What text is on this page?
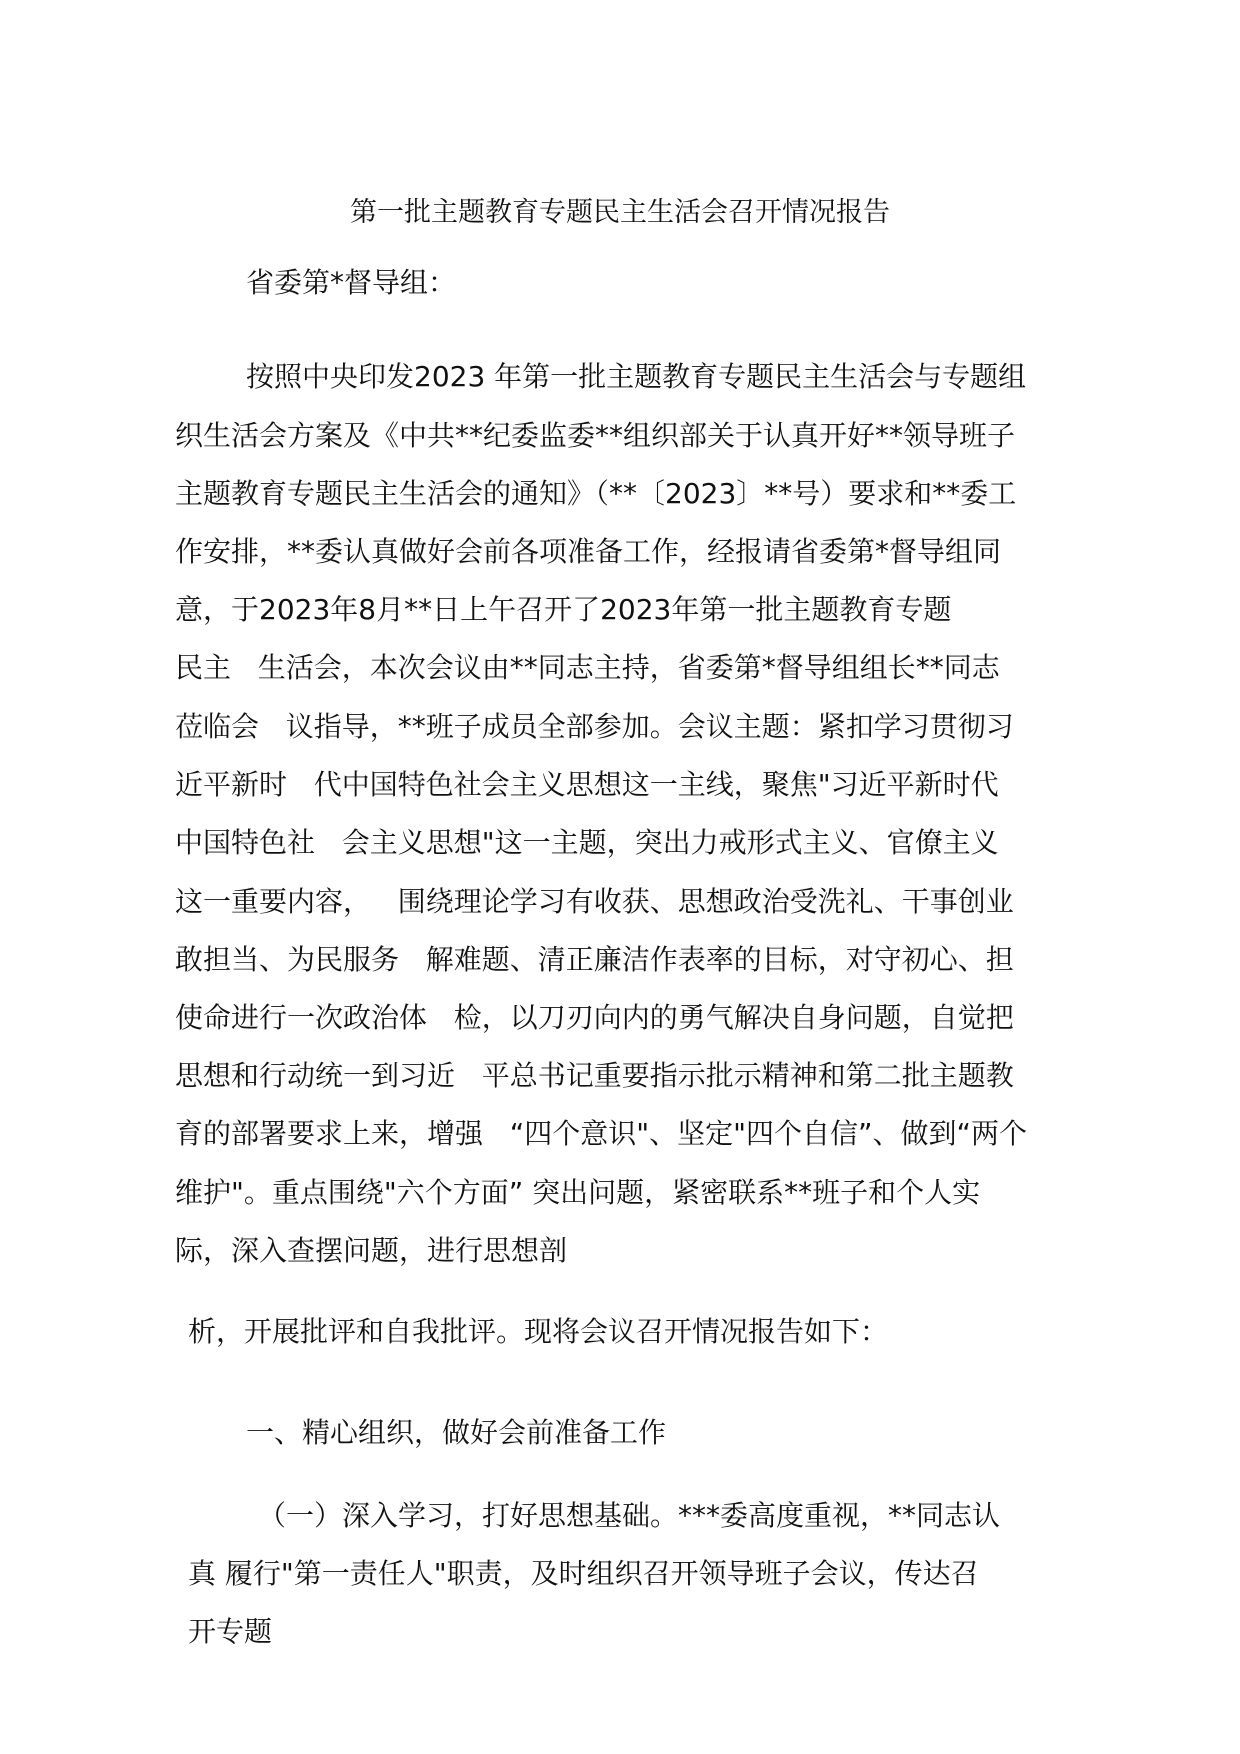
第一批主题教育专题民主生活会召开情况报告
省委第*督导组：
按照中央印发2023 年第一批主题教育专题民主生活会与专题组
织生活会方案及《中共**纪委监委**组织部关于认真开好**领导班子
主题教育专题民主生活会的通知》（**〔2023〕**号）要求和**委工
作安排，**委认真做好会前各项准备工作，经报请省委第*督导组同
意，于2023年8月**日上午召开了2023年第一批主题教育专题
民主   生活会，本次会议由**同志主持，省委第*督导组组长**同志
莅临会   议指导，**班子成员全部参加。会议主题：紧扣学习贯彻习
近平新时   代中国特色社会主义思想这一主线，聚焦"习近平新时代
中国特色社   会主义思想"这一主题，突出力戒形式主义、官僚主义
这一重要内容，   围绕理论学习有收获、思想政治受洗礼、干事创业
敢担当、为民服务   解难题、清正廉洁作表率的目标，对守初心、担
使命进行一次政治体   检，以刀刃向内的勇气解决自身问题，自觉把
思想和行动统一到习近   平总书记重要指示批示精神和第二批主题教
育的部署要求上来，增强   “四个意识"、坚定"四个自信”、做到“两个
维护"。重点围绕"六个方面” 突出问题，紧密联系**班子和个人实
际，深入查摆问题，进行思想剖
析，开展批评和自我批评。现将会议召开情况报告如下：
一、精心组织，做好会前准备工作
（一）深入学习，打好思想基础。***委高度重视，**同志认
真 履行"第一责任人"职责，及时组织召开领导班子会议，传达召
开专题
